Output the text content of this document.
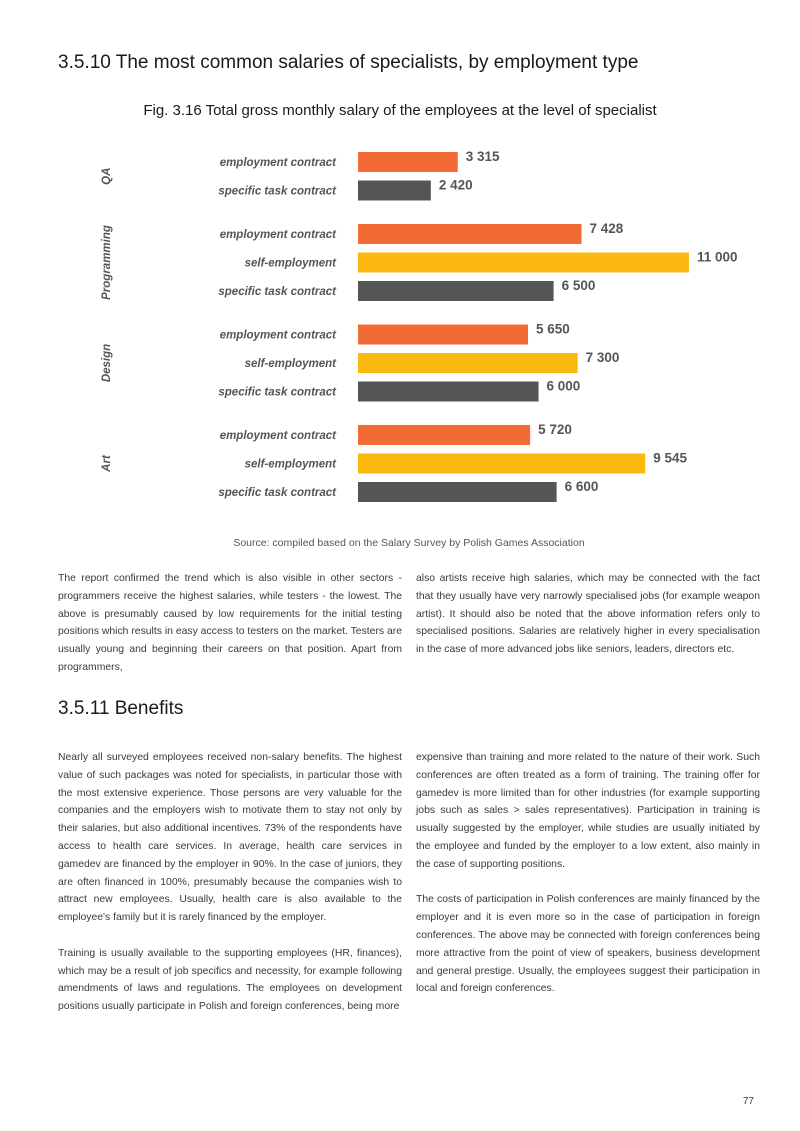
3.5.10 The most common salaries of specialists, by employment type

Fig. 3.16 Total gross monthly salary of the employees at the level of specialist

employment contract	3 315
specific task contract	2 420
QA
employment contract	7 428
self-employment	11 000
specific task contract	6 500
Programming
employment contract	5 650
self-employment	7 300
specific task contract	6 000
Design
employment contract	5 720
self-employment	9 545
specific task contract	6 600
Art

Source: compiled based on the Salary Survey by Polish Games Association

The report confirmed the trend which is also visible in other sectors - programmers receive the highest salaries, while testers - the lowest. The above is presumably caused by low requirements for the initial testing positions which results in easy access to testers on the market. Testers are usually young and beginning their careers on that position. Apart from programmers,

also artists receive high salaries, which may be connected with the fact that they usually have very narrowly specialised jobs (for example weapon artist). It should also be noted that the above information refers only to specialised positions. Salaries are relatively higher in every specialisation in the case of more advanced jobs like seniors, leaders, directors etc.

3.5.11 Benefits

Nearly all surveyed employees received non-salary benefits. The highest value of such packages was noted for specialists, in particular those with the most extensive experience. Those persons are very valuable for the companies and the employers wish to motivate them to stay not only by their salaries, but also additional incentives. 73% of the respondents have access to health care services. In average, health care services in gamedev are financed by the employer in 90%. In the case of juniors, they are often financed in 100%, presumably because the companies wish to attract new employees. Usually, health care is also available to the employee's family but it is rarely financed by the employer.

Training is usually available to the supporting employees (HR, finances), which may be a result of job specifics and necessity, for example following amendments of laws and regulations. The employees on development positions usually participate in Polish and foreign conferences, being more

expensive than training and more related to the nature of their work. Such conferences are often treated as a form of training. The training offer for gamedev is more limited than for other industries (for example supporting jobs such as sales > sales representatives). Participation in training is usually suggested by the employer, while studies are usually initiated by the employee and funded by the employer to a low extent, also mainly in the case of supporting positions.

The costs of participation in Polish conferences are mainly financed by the employer and it is even more so in the case of participation in foreign conferences. The above may be connected with foreign conferences being more attractive from the point of view of speakers, business development and general prestige. Usually, the employees suggest their participation in local and foreign conferences.

77
